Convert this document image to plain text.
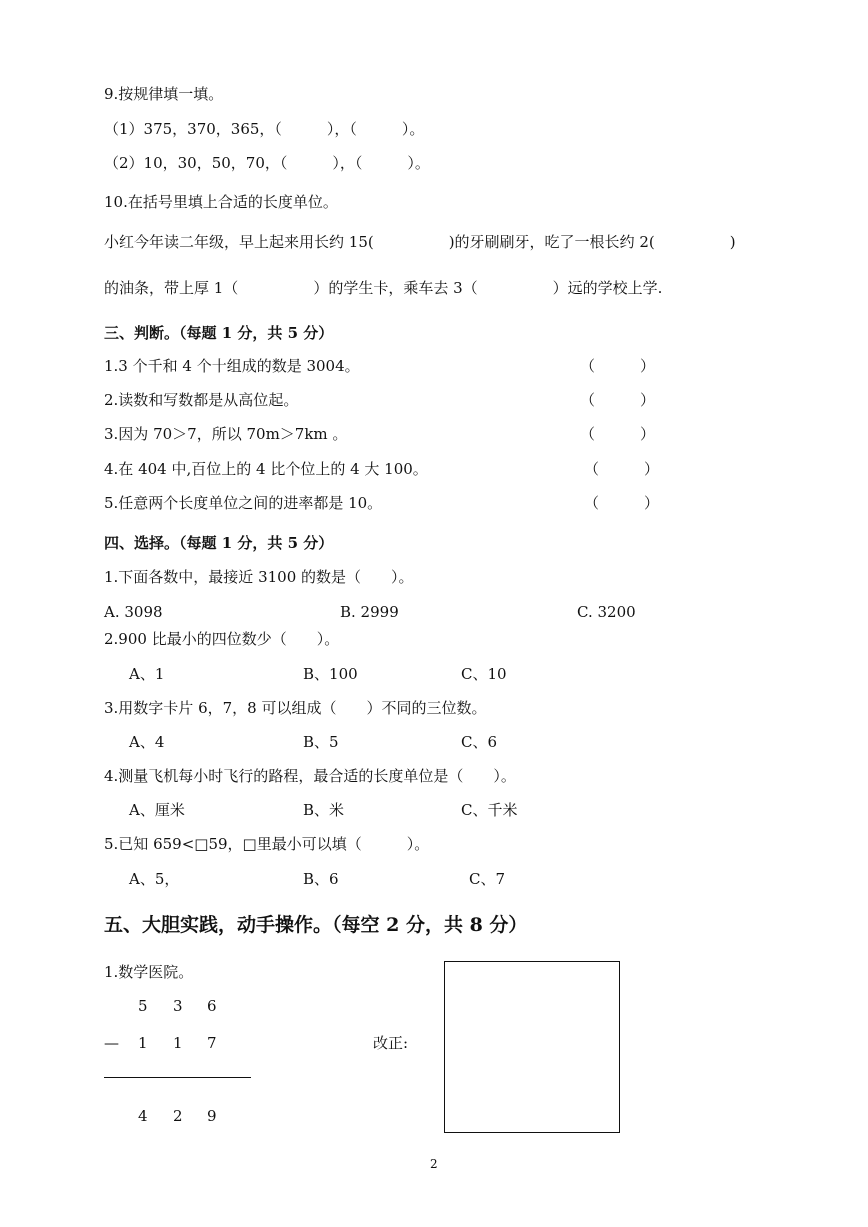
9.按规律填一填。
（1）375，370，365，（　　　），（　　　）。
（2）10，30，50，70，（　　　），（　　　）。
10.在括号里填上合适的长度单位。
小红今年读二年级，早上起来用长约 15(　　　　　)的牙刷刷牙，吃了一根长约 2(　　　　　)
的油条，带上厚 1（　　　　　）的学生卡，乘车去 3（　　　　　）远的学校上学.
三、判断。（每题 1 分，共 5 分）
1.3 个千和 4 个十组成的数是 3004。	（　　　）
2.读数和写数都是从高位起。	（　　　）
3.因为 70＞7，所以 70m＞7km 。	（　　　）
4.在 404 中,百位上的 4 比个位上的 4 大 100。	（　　　）
5.任意两个长度单位之间的进率都是 10。	（　　　）
四、选择。（每题 1 分，共 5 分）
1.下面各数中，最接近 3100 的数是（　　）。
A. 3098	B. 2999	C. 3200
2.900 比最小的四位数少（　　）。
A、1	B、100	C、10
3.用数字卡片 6，7，8 可以组成（　　）不同的三位数。
A、4	B、5	C、6
4.测量飞机每小时飞行的路程，最合适的长度单位是（　　）。
A、厘米	B、米	C、千米
5.已知 659<□59，□里最小可以填（　　　）。
A、5，	B、6	C、7
五、大胆实践，动手操作。（每空 2 分，共 8 分）
1.数学医院。
5 3 6
— 1 1 7
4 2 9
改正:
2
